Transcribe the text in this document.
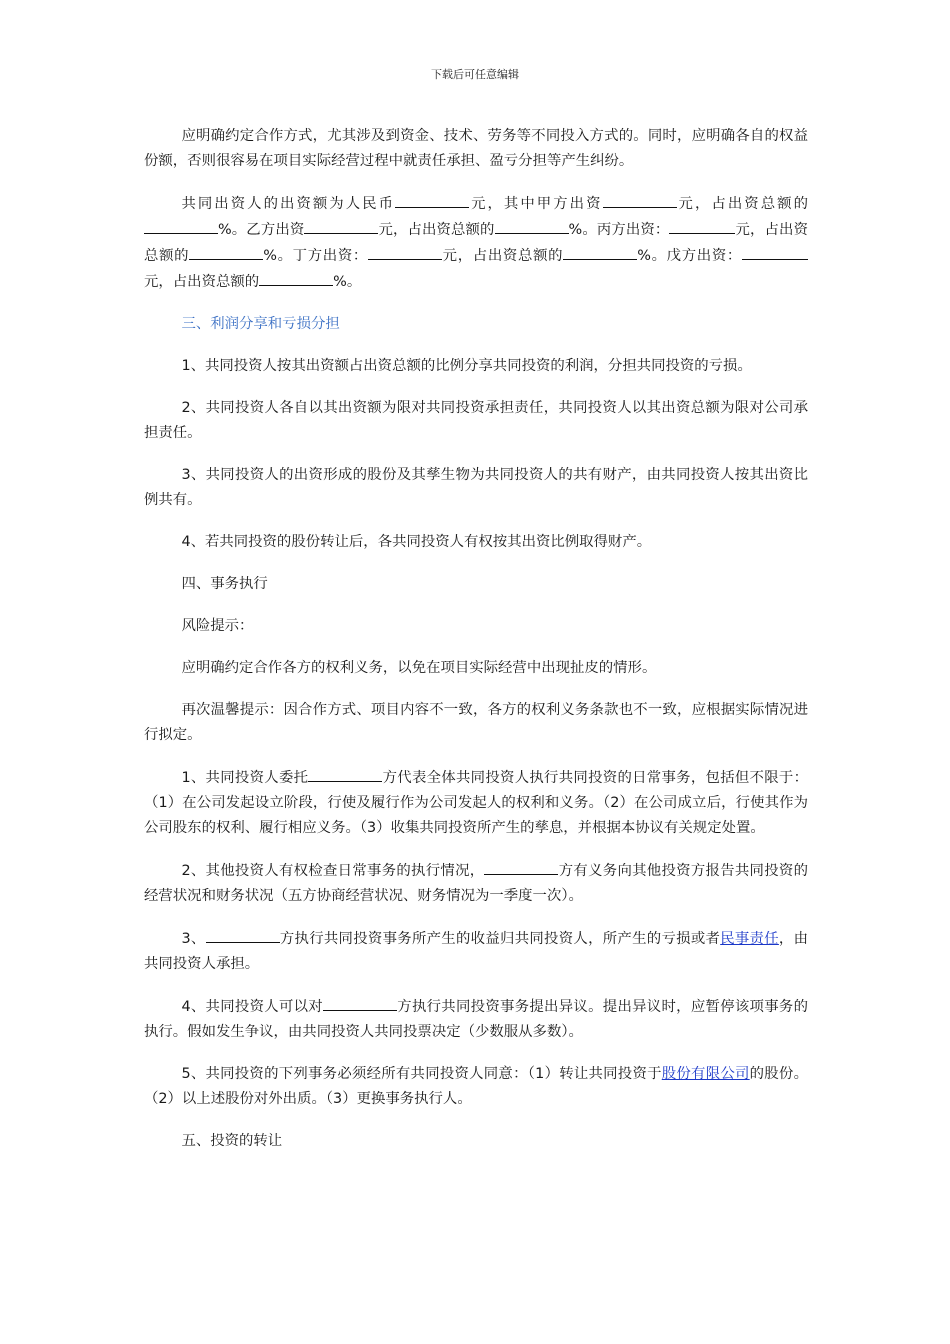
下载后可任意编辑

应明确约定合作方式，尤其涉及到资金、技术、劳务等不同投入方式的。同时，应明确各自的权益份额，否则很容易在项目实际经营过程中就责任承担、盈亏分担等产生纠纷。

共同出资人的出资额为人民币	元，其中甲方出资	元，占出资总额的%。乙方出资	元，占出资总额的	%。丙方出资：	元，占出资总额的	%。丁方出资：	元，占出资总额的	%。戊方出资：元，占出资总额的	%。

三、利润分享和亏损分担

1、共同投资人按其出资额占出资总额的比例分享共同投资的利润，分担共同投资的亏损。

2、共同投资人各自以其出资额为限对共同投资承担责任，共同投资人以其出资总额为限对公司承担责任。

3、共同投资人的出资形成的股份及其孳生物为共同投资人的共有财产，由共同投资人按其出资比例共有。

4、若共同投资的股份转让后，各共同投资人有权按其出资比例取得财产。

四、事务执行

风险提示：

应明确约定合作各方的权利义务，以免在项目实际经营中出现扯皮的情形。

再次温馨提示：因合作方式、项目内容不一致，各方的权利义务条款也不一致，应根据实际情况进行拟定。

1、共同投资人委托	方代表全体共同投资人执行共同投资的日常事务，包括但不限于：（1）在公司发起设立阶段，行使及履行作为公司发起人的权利和义务。（2）在公司成立后，行使其作为公司股东的权利、履行相应义务。（3）收集共同投资所产生的孳息，并根据本协议有关规定处置。

2、其他投资人有权检查日常事务的执行情况，	方有义务向其他投资方报告共同投资的经营状况和财务状况（五方协商经营状况、财务情况为一季度一次）。

3、	方执行共同投资事务所产生的收益归共同投资人，所产生的亏损或者民事责任，由共同投资人承担。

4、共同投资人可以对	方执行共同投资事务提出异议。提出异议时，应暂停该项事务的执行。假如发生争议，由共同投资人共同投票决定（少数服从多数）。

5、共同投资的下列事务必须经所有共同投资人同意：（1）转让共同投资于股份有限公司的股份。（2）以上述股份对外出质。（3）更换事务执行人。

五、投资的转让
